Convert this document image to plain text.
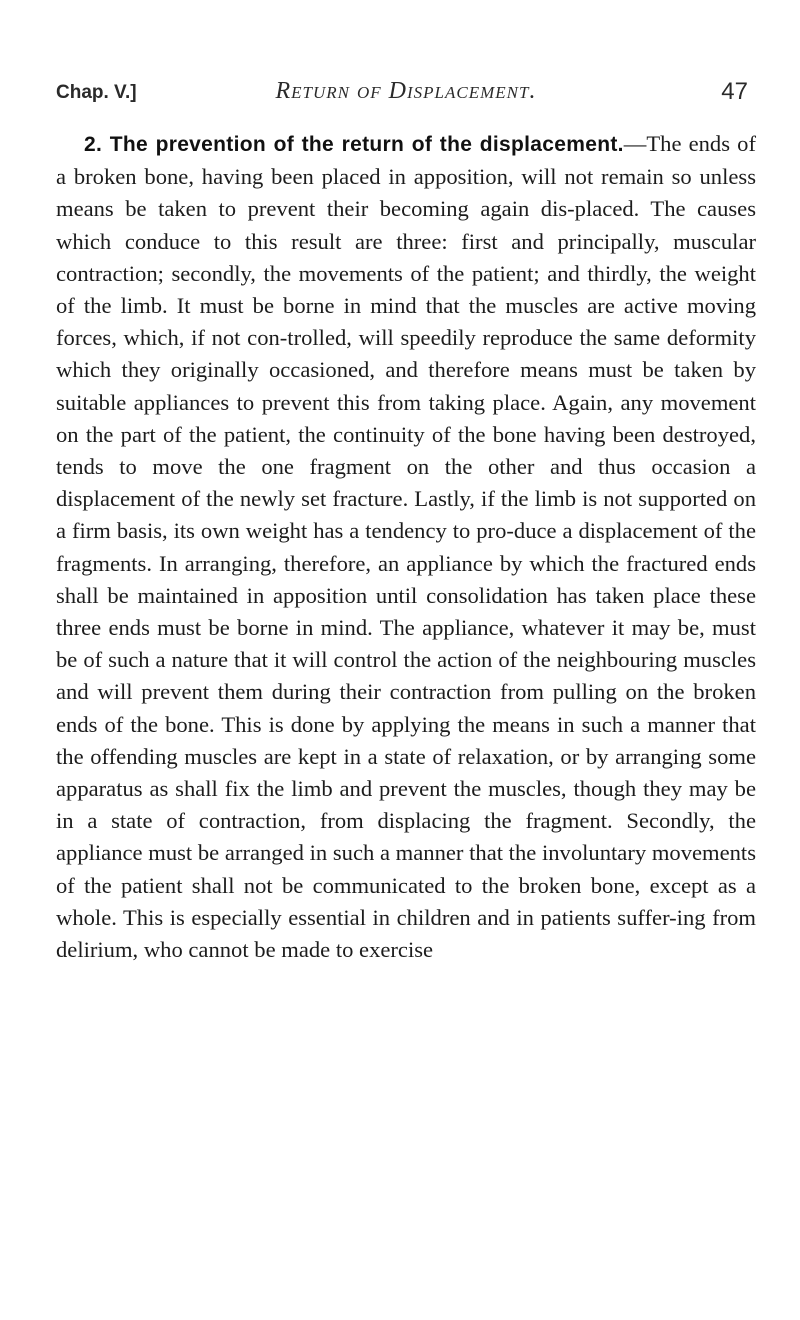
Chap. V.]	Return of Displacement.	47

2. The prevention of the return of the displacement.—The ends of a broken bone, having been placed in apposition, will not remain so unless means be taken to prevent their becoming again dis-placed. The causes which conduce to this result are three: first and principally, muscular contraction; secondly, the movements of the patient; and thirdly, the weight of the limb. It must be borne in mind that the muscles are active moving forces, which, if not con-trolled, will speedily reproduce the same deformity which they originally occasioned, and therefore means must be taken by suitable appliances to prevent this from taking place. Again, any movement on the part of the patient, the continuity of the bone having been destroyed, tends to move the one fragment on the other and thus occasion a displacement of the newly set fracture. Lastly, if the limb is not supported on a firm basis, its own weight has a tendency to pro-duce a displacement of the fragments. In arranging, therefore, an appliance by which the fractured ends shall be maintained in apposition until consolidation has taken place these three ends must be borne in mind. The appliance, whatever it may be, must be of such a nature that it will control the action of the neighbouring muscles and will prevent them during their contraction from pulling on the broken ends of the bone. This is done by applying the means in such a manner that the offending muscles are kept in a state of relaxation, or by arranging some apparatus as shall fix the limb and prevent the muscles, though they may be in a state of contraction, from displacing the fragment. Secondly, the appliance must be arranged in such a manner that the involuntary movements of the patient shall not be communicated to the broken bone, except as a whole. This is especially essential in children and in patients suffer-ing from delirium, who cannot be made to exercise
